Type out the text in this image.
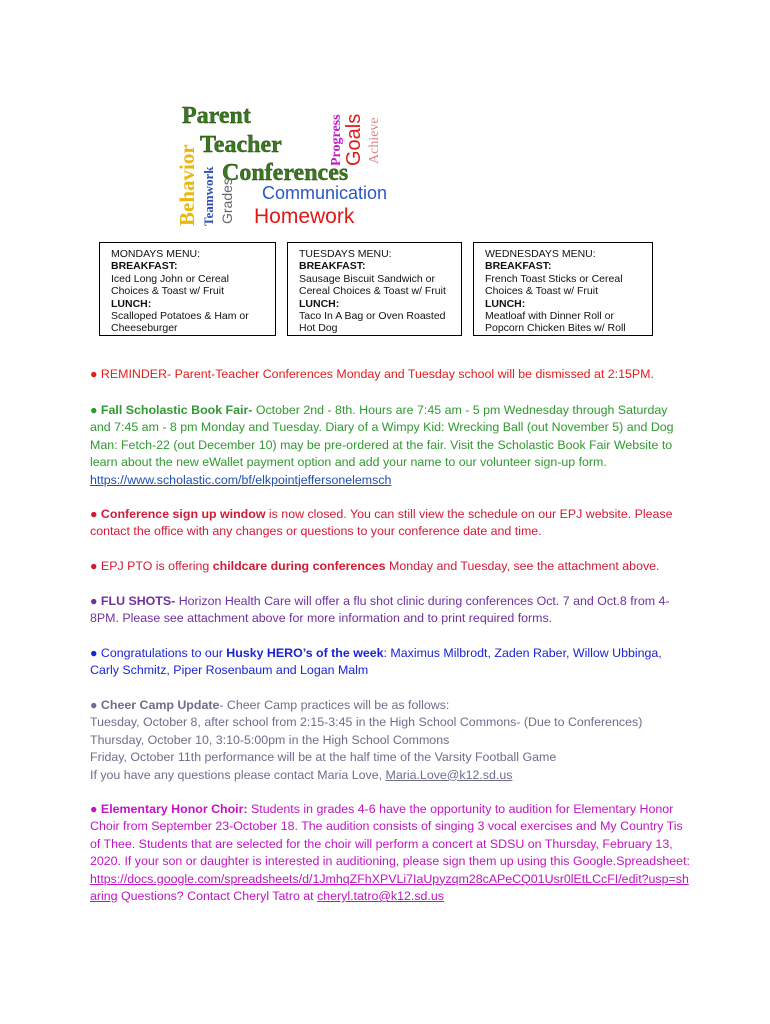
Parent
Teacher
Conferences
Communication
Homework
Behavior Teamwork Grades
Progress Goals Achieve
MONDAYS MENU:
BREAKFAST:
Iced Long John or Cereal Choices & Toast w/ Fruit
LUNCH:
Scalloped Potatoes & Ham or Cheeseburger
TUESDAYS MENU:
BREAKFAST:
Sausage Biscuit Sandwich or Cereal Choices & Toast w/ Fruit
LUNCH:
Taco In A Bag or Oven Roasted Hot Dog
WEDNESDAYS MENU:
BREAKFAST:
French Toast Sticks or Cereal Choices & Toast w/ Fruit
LUNCH:
Meatloaf with Dinner Roll or Popcorn Chicken Bites w/ Roll

● REMINDER- Parent-Teacher Conferences Monday and Tuesday school will be dismissed at 2:15PM.

● Fall Scholastic Book Fair- October 2nd - 8th. Hours are 7:45 am - 5 pm Wednesday through Saturday and 7:45 am - 8 pm Monday and Tuesday. Diary of a Wimpy Kid: Wrecking Ball (out November 5) and Dog Man: Fetch-22 (out December 10) may be pre-ordered at the fair. Visit the Scholastic Book Fair Website to learn about the new eWallet payment option and add your name to our volunteer sign-up form. https://www.scholastic.com/bf/elkpointjeffersonelemsch

● Conference sign up window is now closed. You can still view the schedule on our EPJ website. Please contact the office with any changes or questions to your conference date and time.

● EPJ PTO is offering childcare during conferences Monday and Tuesday, see the attachment above.

● FLU SHOTS- Horizon Health Care will offer a flu shot clinic during conferences Oct. 7 and Oct.8 from 4-8PM. Please see attachment above for more information and to print required forms.

● Congratulations to our Husky HERO’s of the week: Maximus Milbrodt, Zaden Raber, Willow Ubbinga, Carly Schmitz, Piper Rosenbaum and Logan Malm

● Cheer Camp Update- Cheer Camp practices will be as follows:
Tuesday, October 8, after school from 2:15-3:45 in the High School Commons- (Due to Conferences)
Thursday, October 10, 3:10-5:00pm in the High School Commons
Friday, October 11th performance will be at the half time of the Varsity Football Game
If you have any questions please contact Maria Love, Maria.Love@k12.sd.us

● Elementary Honor Choir: Students in grades 4-6 have the opportunity to audition for Elementary Honor Choir from September 23-October 18. The audition consists of singing 3 vocal exercises and My Country Tis of Thee. Students that are selected for the choir will perform a concert at SDSU on Thursday, February 13, 2020. If your son or daughter is interested in auditioning, please sign them up using this Google.Spreadsheet: https://docs.google.com/spreadsheets/d/1JmhqZFhXPVLi7IaUpyzqm28cAPeCQ01Usr0lEtLCcFI/edit?usp=sharing Questions? Contact Cheryl Tatro at cheryl.tatro@k12.sd.us
